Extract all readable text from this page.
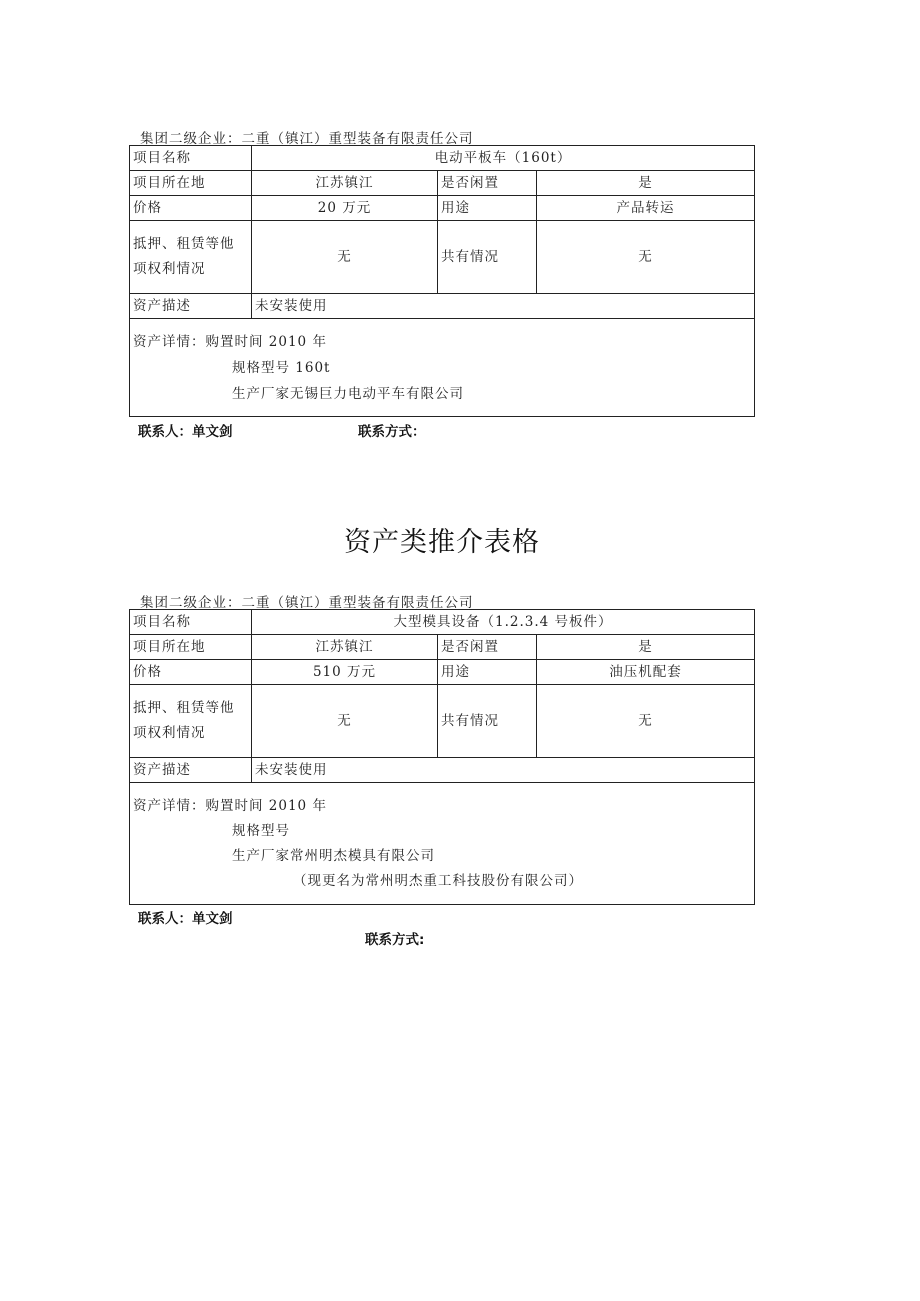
集团二级企业：二重（镇江）重型装备有限责任公司
项目名称	电动平板车（160t）		
项目所在地	江苏镇江	是否闲置	是
价格	20 万元	用途	产品转运

抵押、租赁等他
项权利情况	无	共有情况	无
资产描述	未安装使用		

资产详情：购置时间 2010 年
规格型号 160t
生产厂家无锡巨力电动平车有限公司			
联系人：单文剑	联系方式：
资产类推介表格
集团二级企业：二重（镇江）重型装备有限责任公司
项目名称	大型模具设备（1.2.3.4 号板件）		
项目所在地	江苏镇江	是否闲置	是
价格	510 万元	用途	油压机配套

抵押、租赁等他
项权利情况	无	共有情况	无
资产描述	未安装使用		

资产详情：购置时间 2010 年
规格型号
生产厂家常州明杰模具有限公司
（现更名为常州明杰重工科技股份有限公司）			
联系人：单文剑
联系方式:
